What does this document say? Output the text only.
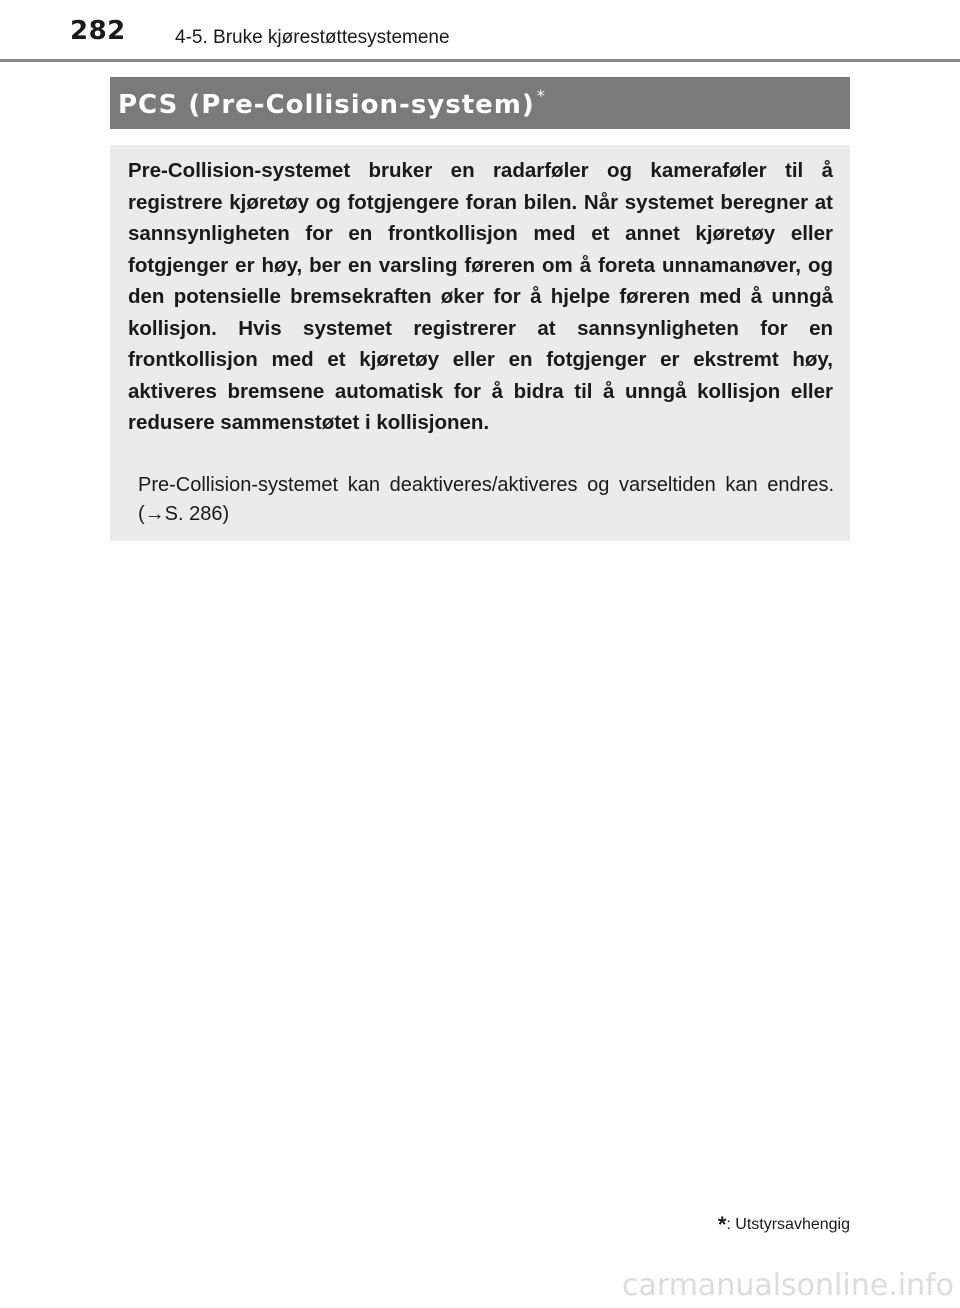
282	4-5. Bruke kjørestøttesystemene
PCS (Pre-Collision-system) *

Pre-Collision-systemet bruker en radarføler og kameraføler til å registrere kjøretøy og fotgjengere foran bilen. Når systemet beregner at sannsynligheten for en frontkollisjon med et annet kjøretøy eller fotgjenger er høy, ber en varsling føreren om å foreta unnamanøver, og den potensielle bremsekraften øker for å hjelpe føreren med å unngå kollisjon. Hvis systemet registrerer at sannsynligheten for en frontkollisjon med et kjøretøy eller en fotgjenger er ekstremt høy, aktiveres bremsene automatisk for å bidra til å unngå kollisjon eller redusere sammenstøtet i kollisjonen.

Pre-Collision-systemet kan deaktiveres/aktiveres og varseltiden kan endres. (→S. 286)

*: Utstyrsavhengig
carmanualsonline.info
